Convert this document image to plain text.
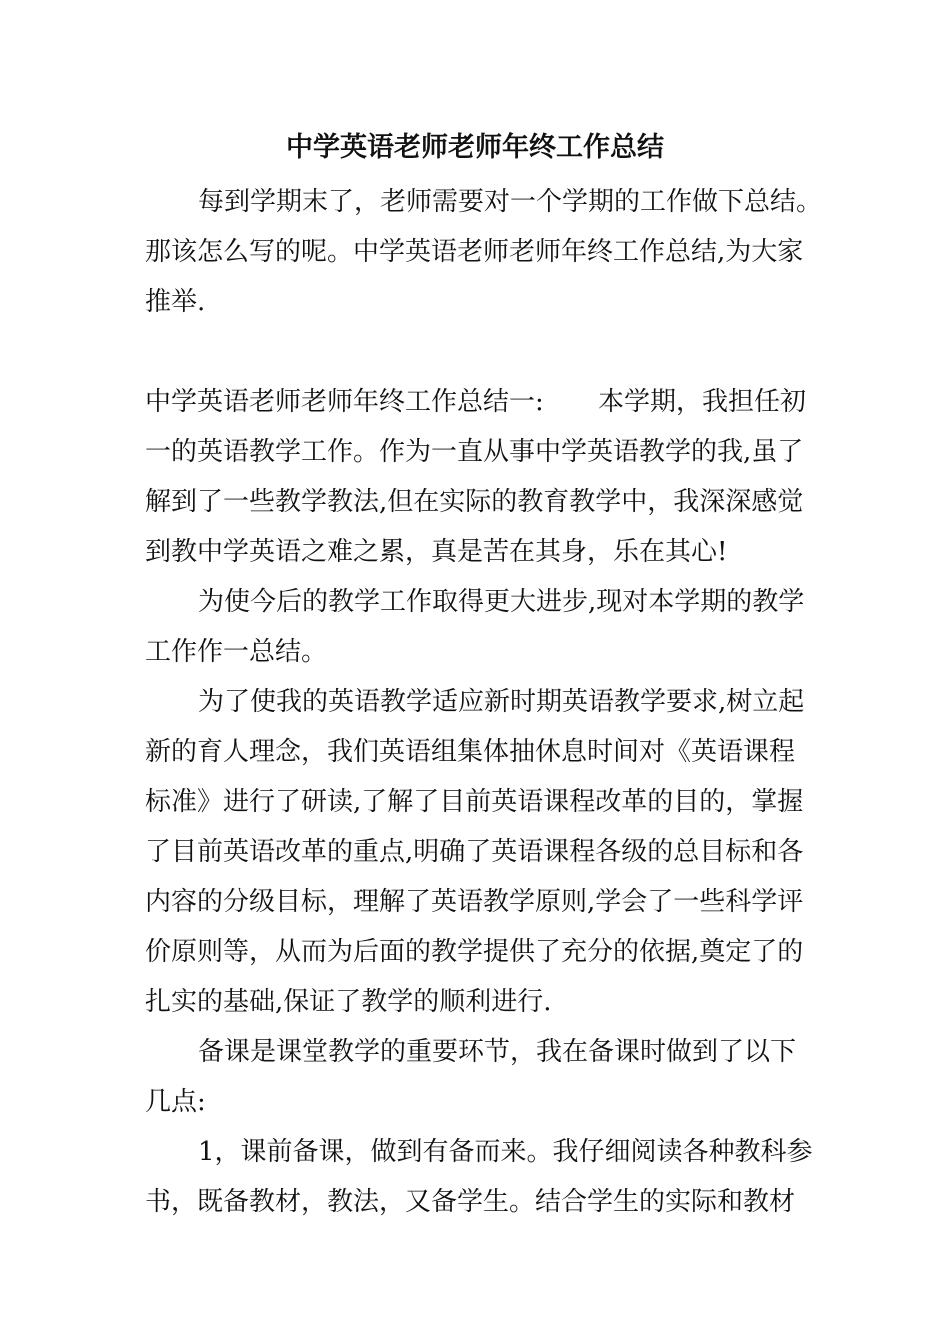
中学英语老师老师年终工作总结
每到学期末了，老师需要对一个学期的工作做下总结。
那该怎么写的呢。中学英语老师老师年终工作总结,为大家
推举.
中学英语老师老师年终工作总结一: 本学期，我担任初
一的英语教学工作。作为一直从事中学英语教学的我,虽了
解到了一些教学教法,但在实际的教育教学中，我深深感觉
到教中学英语之难之累，真是苦在其身，乐在其心!
为使今后的教学工作取得更大进步,现对本学期的教学
工作作一总结。
为了使我的英语教学适应新时期英语教学要求,树立起
新的育人理念，我们英语组集体抽休息时间对《英语课程
标准》进行了研读,了解了目前英语课程改革的目的，掌握
了目前英语改革的重点,明确了英语课程各级的总目标和各
内容的分级目标，理解了英语教学原则,学会了一些科学评
价原则等，从而为后面的教学提供了充分的依据,奠定了的
扎实的基础,保证了教学的顺利进行.
备课是课堂教学的重要环节，我在备课时做到了以下
几点:
1，课前备课，做到有备而来。我仔细阅读各种教科参
书，既备教材，教法，又备学生。结合学生的实际和教材
